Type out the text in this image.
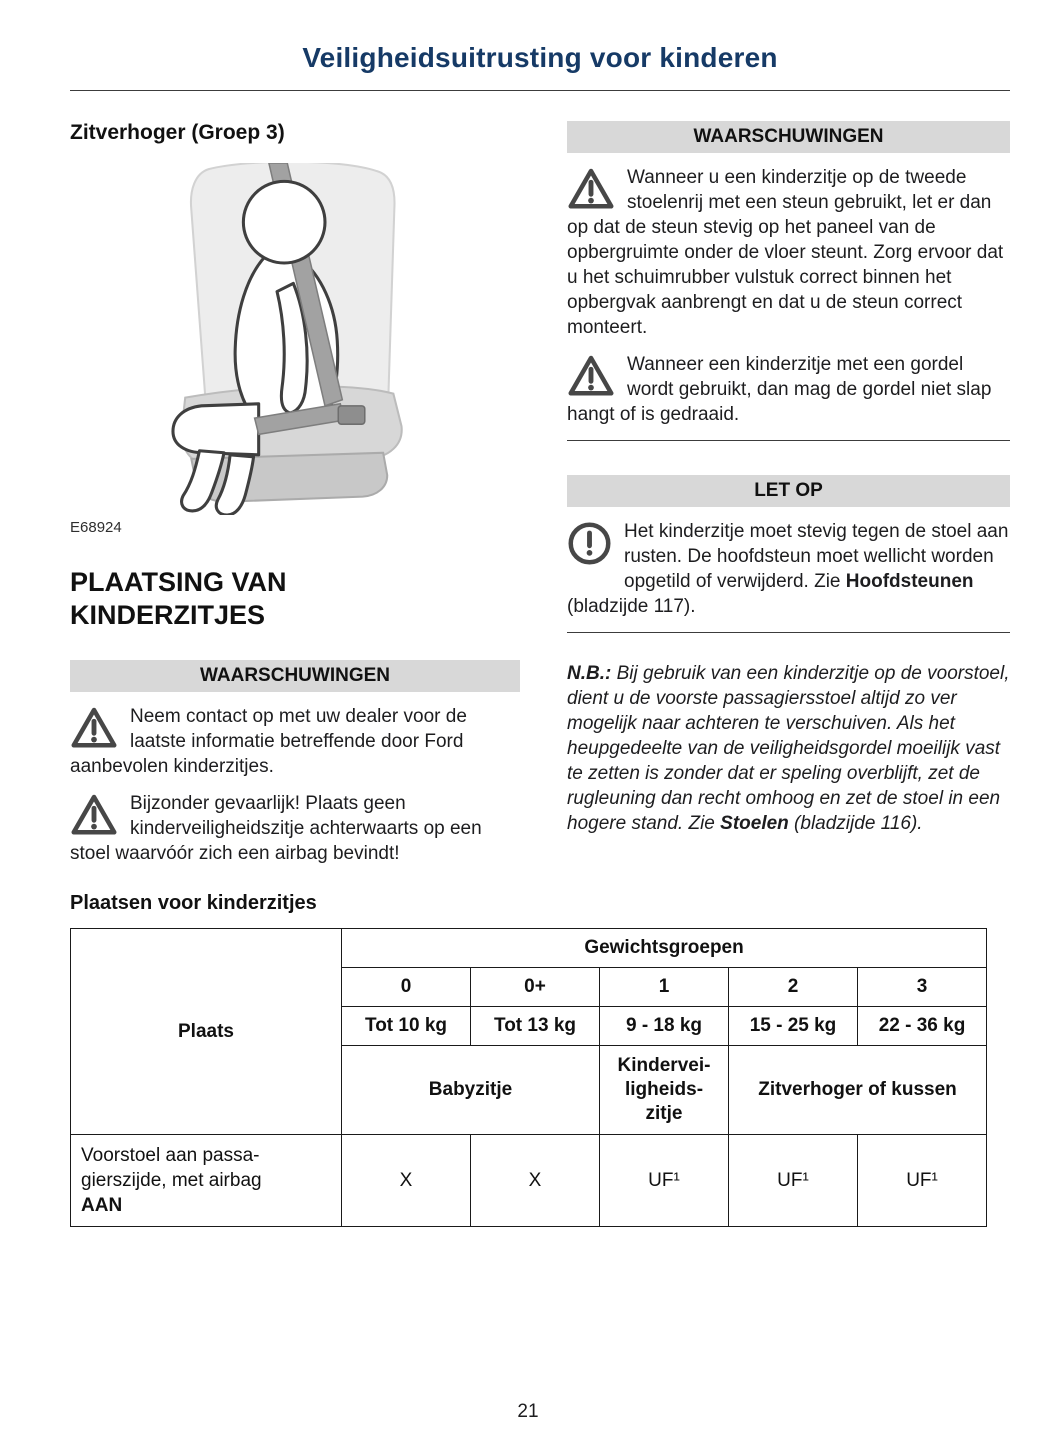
Veiligheidsuitrusting voor kinderen
Zitverhoger (Groep 3)
E68924
PLAATSING VAN
KINDERZITJES
WAARSCHUWINGEN

Neem contact op met uw dealer voor de laatste informatie betreffende door Ford aanbevolen kinderzitjes.

Bijzonder gevaarlijk! Plaats geen kinderveiligheidszitje achterwaarts op een stoel waarvóór zich een airbag bevindt!

WAARSCHUWINGEN

Wanneer u een kinderzitje op de tweede stoelenrij met een steun gebruikt, let er dan op dat de steun stevig op het paneel van de opbergruimte onder de vloer steunt. Zorg ervoor dat u het schuimrubber vulstuk correct binnen het opbergvak aanbrengt en dat u de steun correct monteert.

Wanneer een kinderzitje met een gordel wordt gebruikt, dan mag de gordel niet slap hangt of is gedraaid.

LET OP

Het kinderzitje moet stevig tegen de stoel aan rusten. De hoofdsteun moet wellicht worden opgetild of verwijderd. Zie Hoofdsteunen (bladzijde 117).

N.B.: Bij gebruik van een kinderzitje op de voorstoel, dient u de voorste passagiersstoel altijd zo ver mogelijk naar achteren te verschuiven. Als het heupgedeelte van de veiligheidsgordel moeilijk vast te zetten is zonder dat er speling overblijft, zet de rugleuning dan recht omhoog en zet de stoel in een hogere stand. Zie Stoelen (bladzijde 116).

Plaatsen voor kinderzitjes
Plaats	Gewichtsgroepen				
	0	0+	1	2	3
	Tot 10 kg	Tot 13 kg	9 - 18 kg	15 - 25 kg	22 - 36 kg
	Babyzitje		Kindervei-
ligheids-
zitje	Zitverhoger of kussen	

Voorstoel aan passa-
gierszijde, met airbag
AAN	X	X	UF¹	UF¹	UF¹
21
